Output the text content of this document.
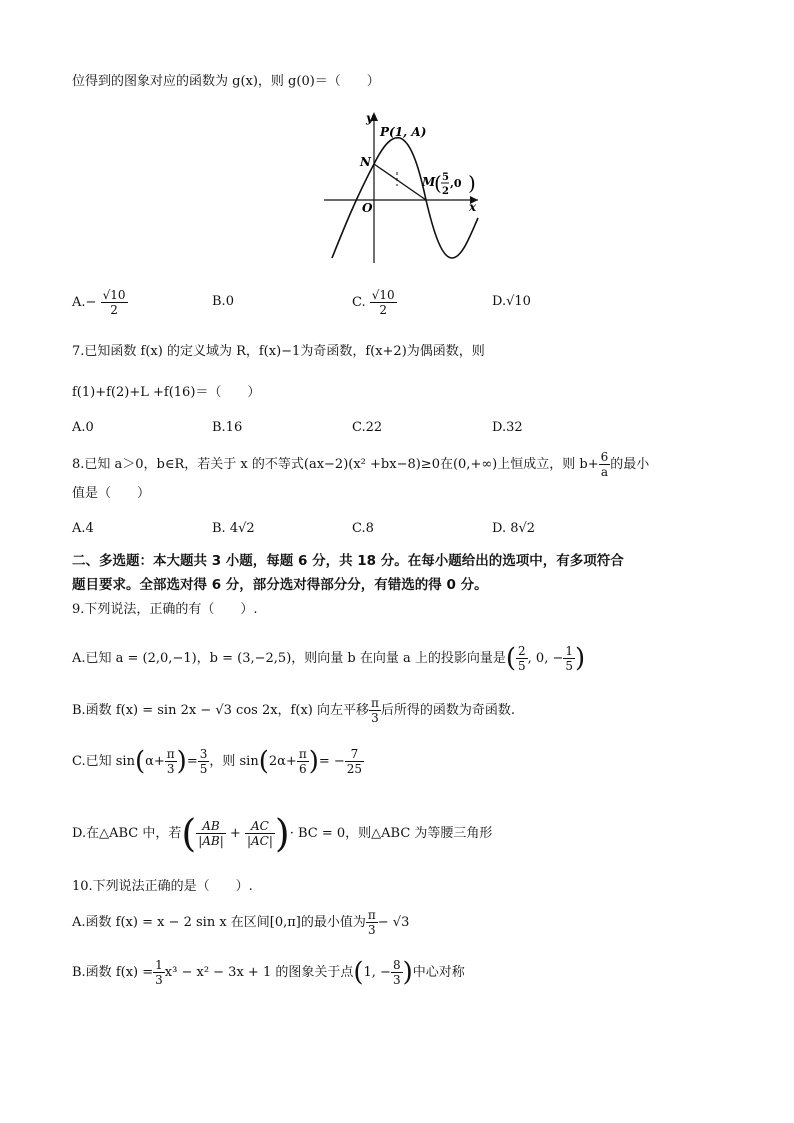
位得到的图象对应的函数为 g(x)，则 g(0)＝（　　）
y
x
O
N
P(1, A)
M
( 5
2
,0 )
$A.- \frac{√10}{2}$	B.0	C. $\frac{√10}{2}$	D.√10
7.已知函数 f(x) 的定义域为 R，f(x)−1为奇函数，f(x+2)为偶函数，则
f(1)+f(2)+L +f(16)＝（　　）
A.0	B.16	C.22	D.32
8.已知 a＞0，b∈R，若关于 x 的不等式(ax−2)(x² +bx−8)≥0在(0,+∞)上恒成立，则 $b+ \frac{6}{a}$ 的最小
值是（　　）
A.4	B. 4√2	C.8	D. 8√2
二、多选题：本大题共 3 小题，每题 6 分，共 18 分。在每小题给出的选项中，有多项符合
题目要求。全部选对得 6 分，部分选对得部分分，有错选的得 0 分。
9.下列说法，正确的有（　　）.
A.已知 a = (2,0,−1)，b = (3,−2,5)，则向量 b 在向量 a 上的投影向量是( $\frac{2}{5}$ , 0, − $\frac{1}{5}$ )
B.函数 f(x) = sin 2x − √3 cos 2x，f(x) 向左平移 $\frac{\pi}{3}$ 后所得的函数为奇函数.
C.已知 $\sin(\alpha+ \frac{\pi}{3}$ )= $\frac{3}{5}$ ，则 $\sin(2\alpha+ \frac{\pi}{6}$ )= − $\frac{7}{25}$
D.在△ABC 中，若( $\frac{AB}{|AB|} + \frac{AC}{|AC|}$ )· BC = 0，则△ABC 为等腰三角形
10.下列说法正确的是（　　）.
A.函数 f(x) = x − 2 sin x 在区间[0,π]的最小值为 $\frac{\pi}{3} - √3$
B.函数 $f(x) = \frac{1}{3} x^3 - x^2 - 3x + 1$ 的图象关于点(1, − $\frac{8}{3}$ )中心对称
